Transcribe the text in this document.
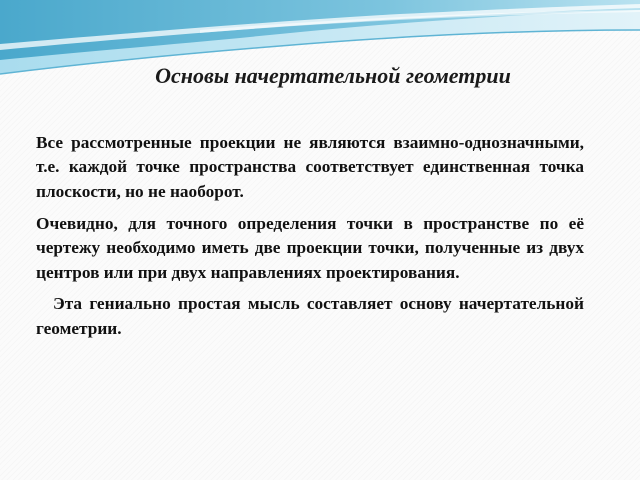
Основы начертательной геометрии

Все рассмотренные проекции не являются взаимно-однозначными, т.е. каждой точке пространства соответствует единственная точка плоскости, но не наоборот.

Очевидно, для точного определения точки в пространстве по её чертежу необходимо иметь две проекции точки, полученные из двух центров или при двух направлениях проектирования.

Эта гениально простая мысль составляет основу начертательной геометрии.
